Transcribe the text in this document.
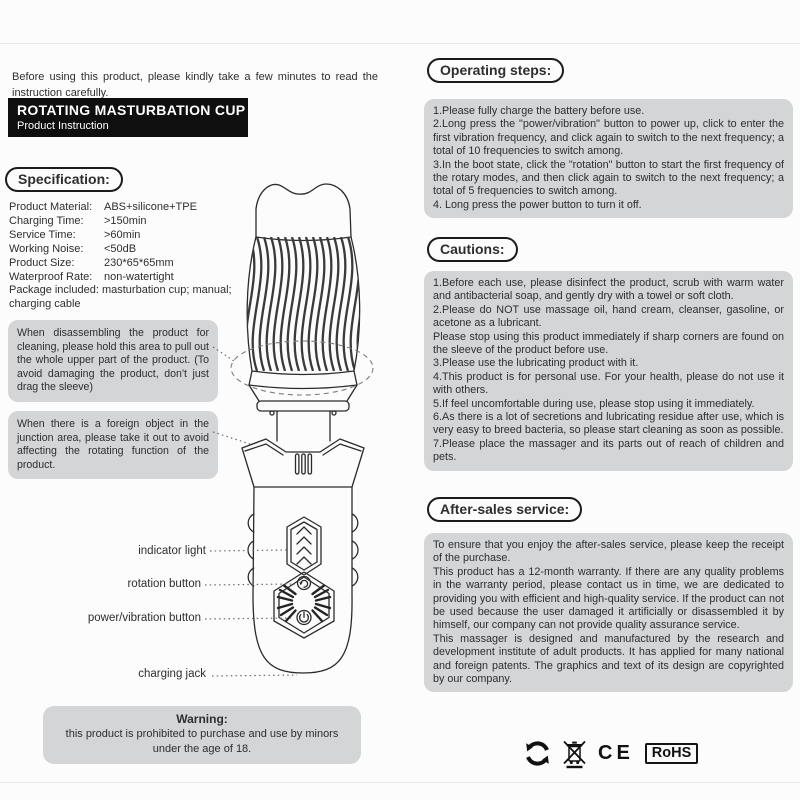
Before using this product, please kindly take a few minutes to read the instruction carefully.

ROTATING MASTURBATION CUP
Product Instruction
Specification:
Product Material:	ABS+silicone+TPE
Charging Time:	>150min
Service Time:	>60min
Working Noise:	<50dB
Product Size:	230*65*65mm
Waterproof Rate:	non-watertight
Package included: masturbation cup; manual; charging cable
When disassembling the product for cleaning, please hold this area to pull out the whole upper part of the product. (To avoid damaging the product, don't just drag the sleeve)
When there is a foreign object in the junction area, please take it out to avoid affecting the rotating function of the product.
indicator light
rotation button
power/vibration button
charging jack
Warning:
this product is prohibited to purchase and use by minors under the age of 18.
Operating steps:

1.Please fully charge the battery before use.

2.Long press the "power/vibration" button to power up, click to enter the first vibration frequency, and click again to switch to the next frequency; a total of 10 frequencies to switch among.

3.In the boot state, click the "rotation" button to start the first frequency of the rotary modes, and then click again to switch to the next frequency; a total of 5 frequencies to switch among.

4. Long press the power button to turn it off.

Cautions:

1.Before each use, please disinfect the product, scrub with warm water and antibacterial soap, and gently dry with a towel or soft cloth.

2.Please do NOT use massage oil, hand cream, cleanser, gasoline, or acetone as a lubricant.

Please stop using this product immediately if sharp corners are found on the sleeve of the product before use.

3.Please use the lubricating product with it.

4.This product is for personal use. For your health, please do not use it with others.

5.If feel uncomfortable during use, please stop using it immediately.

6.As there is a lot of secretions and lubricating residue after use, which is very easy to breed bacteria, so please start cleaning as soon as possible.

7.Please place the massager and its parts out of reach of children and pets.

After-sales service:

To ensure that you enjoy the after-sales service, please keep the receipt of the purchase.

This product has a 12-month warranty. If there are any quality problems in the warranty period, please contact us in time, we are dedicated to providing you with efficient and high-quality service. If the product can not be used because the user damaged it artificially or disassembled it by himself, our company can not provide quality assurance service.

This massager is designed and manufactured by the research and development institute of adult products. It has applied for many national and foreign patents. The graphics and text of its design are copyrighted by our company.

CE	RoHS
